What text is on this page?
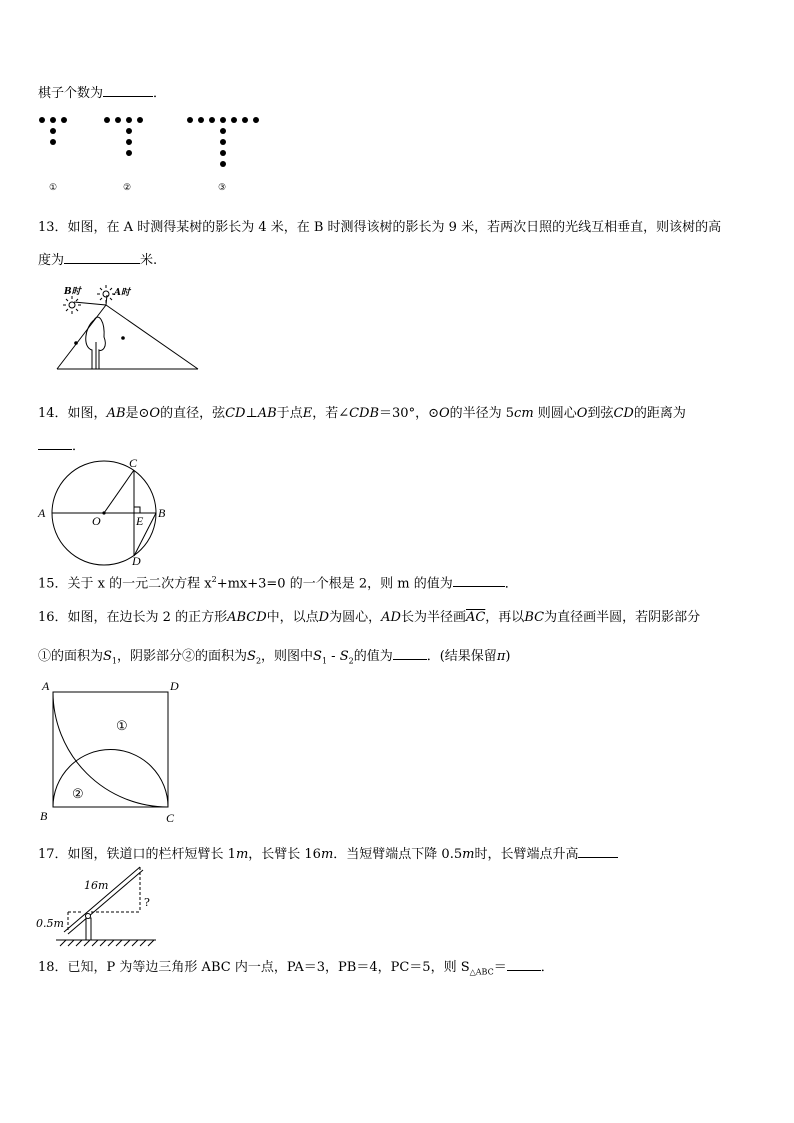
棋子个数为	．
①	②	③
13．如图，在 A 时测得某树的影长为 4 米，在 B 时测得该树的影长为 9 米，若两次日照的光线互相垂直，则该树的高
度为	米.
B时	A时
14．如图，AB是⊙O的直径，弦CD⊥AB于点E，若∠CDB＝30°，⊙O的半径为 5cm 则圆心O到弦CD的距离为
．
A	B
C
D
O	E
15．关于 x 的一元二次方程 $x^2+mx+3=0$ 的一个根是 2，则 m 的值为	．
16．如图，在边长为 2 的正方形ABCD中，以点D为圆心，AD长为半径画$\overline{AC}$，再以BC为直径画半圆，若阴影部分
①的面积为$S_1$，阴影部分②的面积为$S_2$，则图中$S_1 - S_2$的值为	．(结果保留π)
A	D
B	C
①
②
17．如图，铁道口的栏杆短臂长 1m，长臂长 16m．当短臂端点下降 0.5m时，长臂端点升高
16m
0.5m
?
18．已知，P 为等边三角形 ABC 内一点，PA＝3，PB＝4，PC＝5，则 $S_{\triangle ABC}=$	．
